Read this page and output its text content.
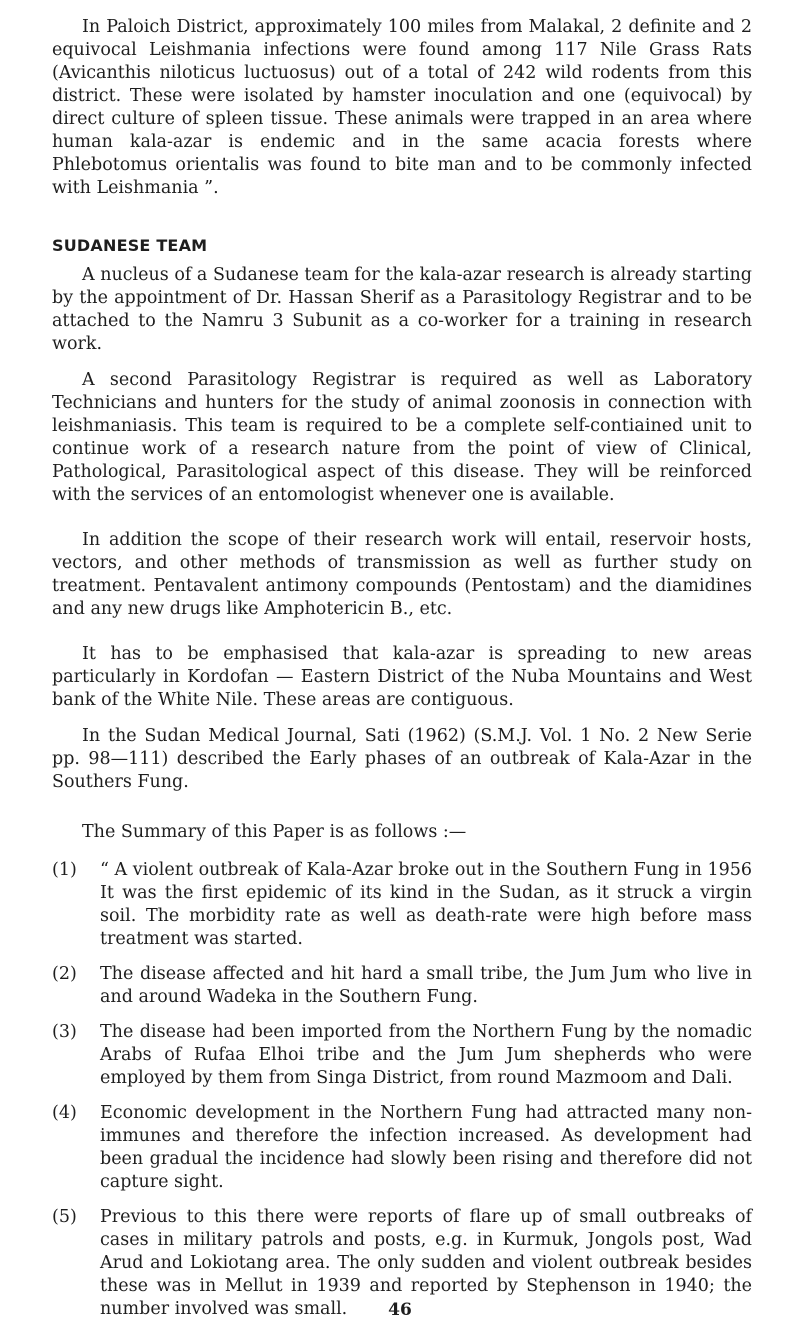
In Paloich District, approximately 100 miles from Malakal, 2 definite and 2 equivocal Leishmania infections were found among 117 Nile Grass Rats (Avicanthis niloticus luctuosus) out of a total of 242 wild rodents from this district. These were isolated by hamster inoculation and one (equivocal) by direct culture of spleen tissue. These animals were trapped in an area where human kala-azar is endemic and in the same acacia forests where Phlebotomus orientalis was found to bite man and to be commonly infected with Leishmania ”.

SUDANESE TEAM

A nucleus of a Sudanese team for the kala-azar research is already starting by the appointment of Dr. Hassan Sherif as a Parasitology Registrar and to be attached to the Namru 3 Subunit as a co-worker for a training in research work.

A second Parasitology Registrar is required as well as Laboratory Technicians and hunters for the study of animal zoonosis in connection with leishmaniasis. This team is required to be a complete self-contiained unit to continue work of a research nature from the point of view of Clinical, Pathological, Parasitological aspect of this disease. They will be reinforced with the services of an entomologist whenever one is available.

In addition the scope of their research work will entail, reservoir hosts, vectors, and other methods of transmission as well as further study on treatment. Pentavalent antimony compounds (Pentostam) and the diamidines and any new drugs like Amphotericin B., etc.

It has to be emphasised that kala-azar is spreading to new areas particularly in Kordofan — Eastern District of the Nuba Mountains and West bank of the White Nile. These areas are contiguous.

In the Sudan Medical Journal, Sati (1962) (S.M.J. Vol. 1 No. 2 New Serie pp. 98—111) described the Early phases of an outbreak of Kala-Azar in the Southers Fung.

The Summary of this Paper is as follows :—

(1) “ A violent outbreak of Kala-Azar broke out in the Southern Fung in 1956 It was the first epidemic of its kind in the Sudan, as it struck a virgin soil. The morbidity rate as well as death-rate were high before mass treatment was started.

(2) The disease affected and hit hard a small tribe, the Jum Jum who live in and around Wadeka in the Southern Fung.

(3) The disease had been imported from the Northern Fung by the nomadic Arabs of Rufaa Elhoi tribe and the Jum Jum shepherds who were employed by them from Singa District, from round Mazmoom and Dali.

(4) Economic development in the Northern Fung had attracted many non-immunes and therefore the infection increased. As development had been gradual the incidence had slowly been rising and therefore did not capture sight.

(5) Previous to this there were reports of flare up of small outbreaks of cases in military patrols and posts, e.g. in Kurmuk, Jongols post, Wad Arud and Lokiotang area. The only sudden and violent outbreak besides these was in Mellut in 1939 and reported by Stephenson in 1940; the number involved was small.	46
